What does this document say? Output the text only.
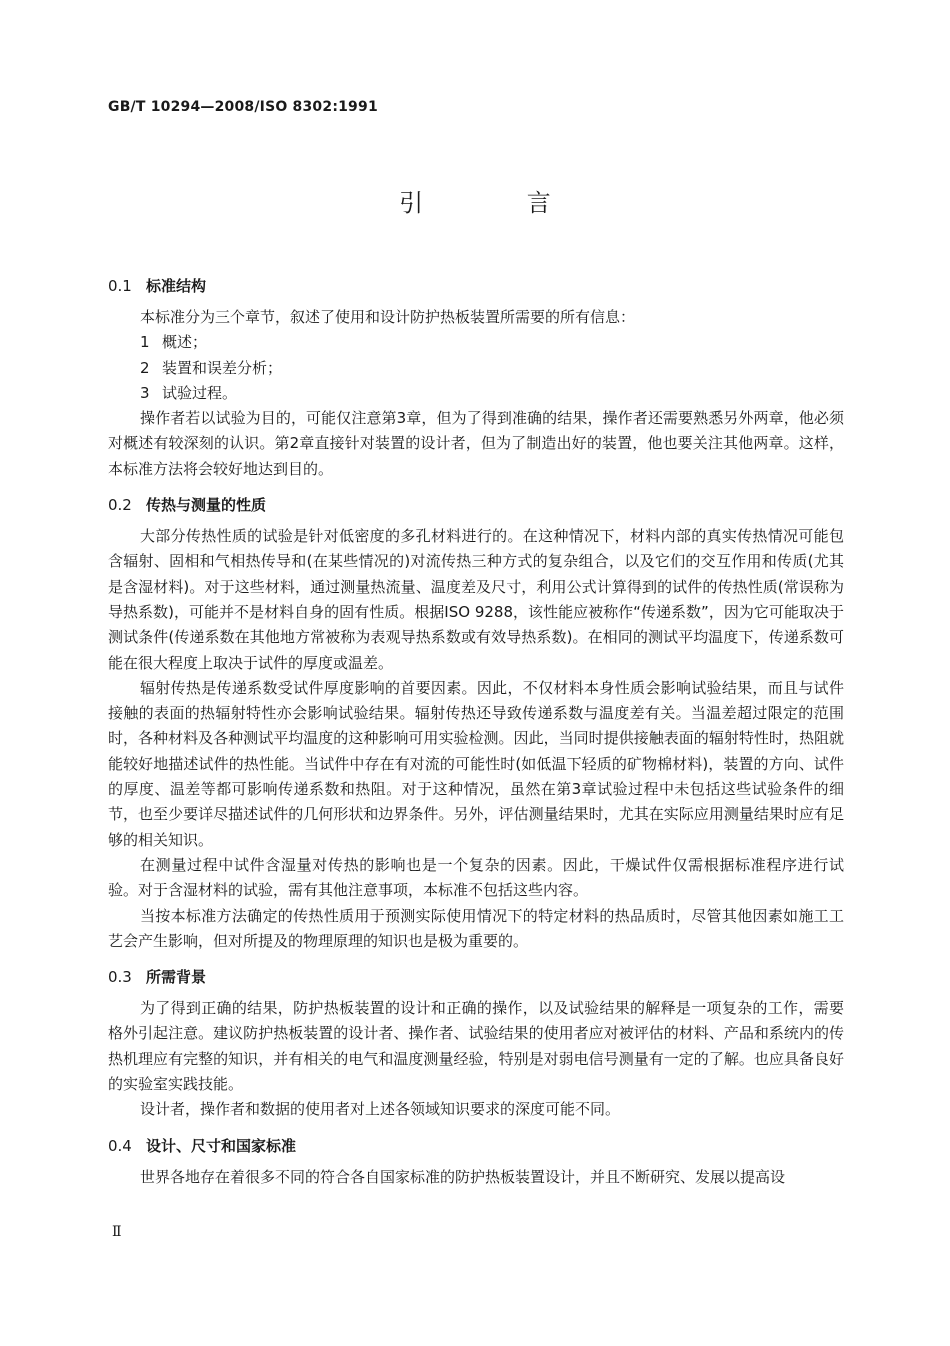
GB/T 10294—2008/ISO 8302:1991
引 言
0.1 标准结构

本标准分为三个章节，叙述了使用和设计防护热板装置所需要的所有信息：

1 概述；

2 装置和误差分析；

3 试验过程。

操作者若以试验为目的，可能仅注意第3章，但为了得到准确的结果，操作者还需要熟悉另外两章，他必须对概述有较深刻的认识。第2章直接针对装置的设计者，但为了制造出好的装置，他也要关注其他两章。这样，本标准方法将会较好地达到目的。

0.2 传热与测量的性质

大部分传热性质的试验是针对低密度的多孔材料进行的。在这种情况下，材料内部的真实传热情况可能包含辐射、固相和气相热传导和(在某些情况的)对流传热三种方式的复杂组合，以及它们的交互作用和传质(尤其是含湿材料)。对于这些材料，通过测量热流量、温度差及尺寸，利用公式计算得到的试件的传热性质(常误称为导热系数)，可能并不是材料自身的固有性质。根据ISO 9288，该性能应被称作“传递系数”，因为它可能取决于测试条件(传递系数在其他地方常被称为表观导热系数或有效导热系数)。在相同的测试平均温度下，传递系数可能在很大程度上取决于试件的厚度或温差。

辐射传热是传递系数受试件厚度影响的首要因素。因此，不仅材料本身性质会影响试验结果，而且与试件接触的表面的热辐射特性亦会影响试验结果。辐射传热还导致传递系数与温度差有关。当温差超过限定的范围时，各种材料及各种测试平均温度的这种影响可用实验检测。因此，当同时提供接触表面的辐射特性时，热阻就能较好地描述试件的热性能。当试件中存在有对流的可能性时(如低温下轻质的矿物棉材料)，装置的方向、试件的厚度、温差等都可影响传递系数和热阻。对于这种情况，虽然在第3章试验过程中未包括这些试验条件的细节，也至少要详尽描述试件的几何形状和边界条件。另外，评估测量结果时，尤其在实际应用测量结果时应有足够的相关知识。

在测量过程中试件含湿量对传热的影响也是一个复杂的因素。因此，干燥试件仅需根据标准程序进行试验。对于含湿材料的试验，需有其他注意事项，本标准不包括这些内容。

当按本标准方法确定的传热性质用于预测实际使用情况下的特定材料的热品质时，尽管其他因素如施工工艺会产生影响，但对所提及的物理原理的知识也是极为重要的。

0.3 所需背景

为了得到正确的结果，防护热板装置的设计和正确的操作，以及试验结果的解释是一项复杂的工作，需要格外引起注意。建议防护热板装置的设计者、操作者、试验结果的使用者应对被评估的材料、产品和系统内的传热机理应有完整的知识，并有相关的电气和温度测量经验，特别是对弱电信号测量有一定的了解。也应具备良好的实验室实践技能。

设计者，操作者和数据的使用者对上述各领域知识要求的深度可能不同。

0.4 设计、尺寸和国家标准

世界各地存在着很多不同的符合各自国家标准的防护热板装置设计，并且不断研究、发展以提高设

Ⅱ
